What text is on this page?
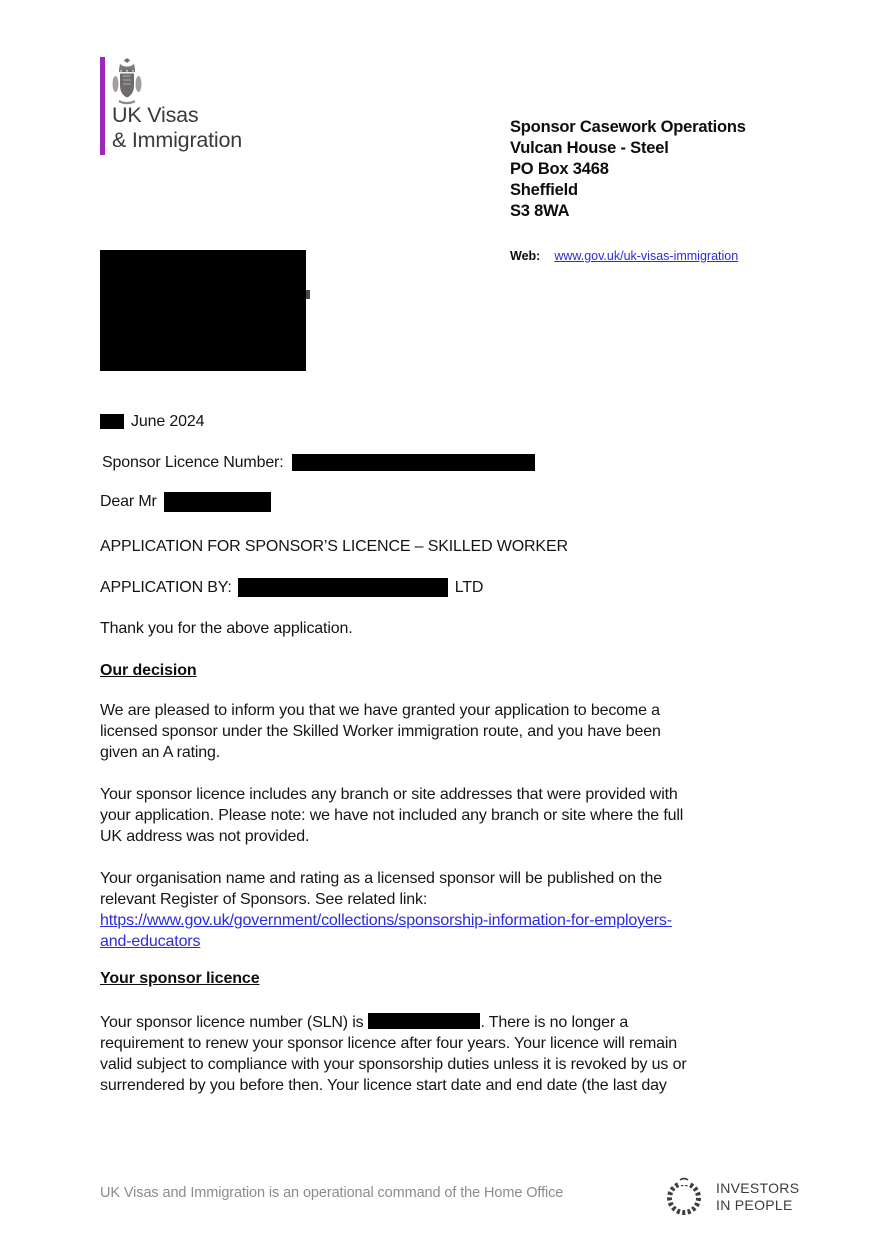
UK Visas
& Immigration
Sponsor Casework Operations
Vulcan House - Steel
PO Box 3468
Sheffield
S3 8WA
Web: www.gov.uk/uk-visas-immigration
June 2024
Sponsor Licence Number:
Dear Mr
APPLICATION FOR SPONSOR’S LICENCE – SKILLED WORKER
APPLICATION BY:	LTD
Thank you for the above application.
Our decision
We are pleased to inform you that we have granted your application to become a
licensed sponsor under the Skilled Worker immigration route, and you have been
given an A rating.
Your sponsor licence includes any branch or site addresses that were provided with
your application. Please note: we have not included any branch or site where the full
UK address was not provided.
Your organisation name and rating as a licensed sponsor will be published on the
relevant Register of Sponsors. See related link:
https://www.gov.uk/government/collections/sponsorship-information-for-employers-
and-educators
Your sponsor licence
Your sponsor licence number (SLN) is	. There is no longer a
requirement to renew your sponsor licence after four years. Your licence will remain
valid subject to compliance with your sponsorship duties unless it is revoked by us or
surrendered by you before then. Your licence start date and end date (the last day
UK Visas and Immigration is an operational command of the Home Office	INVESTORS
IN PEOPLE
